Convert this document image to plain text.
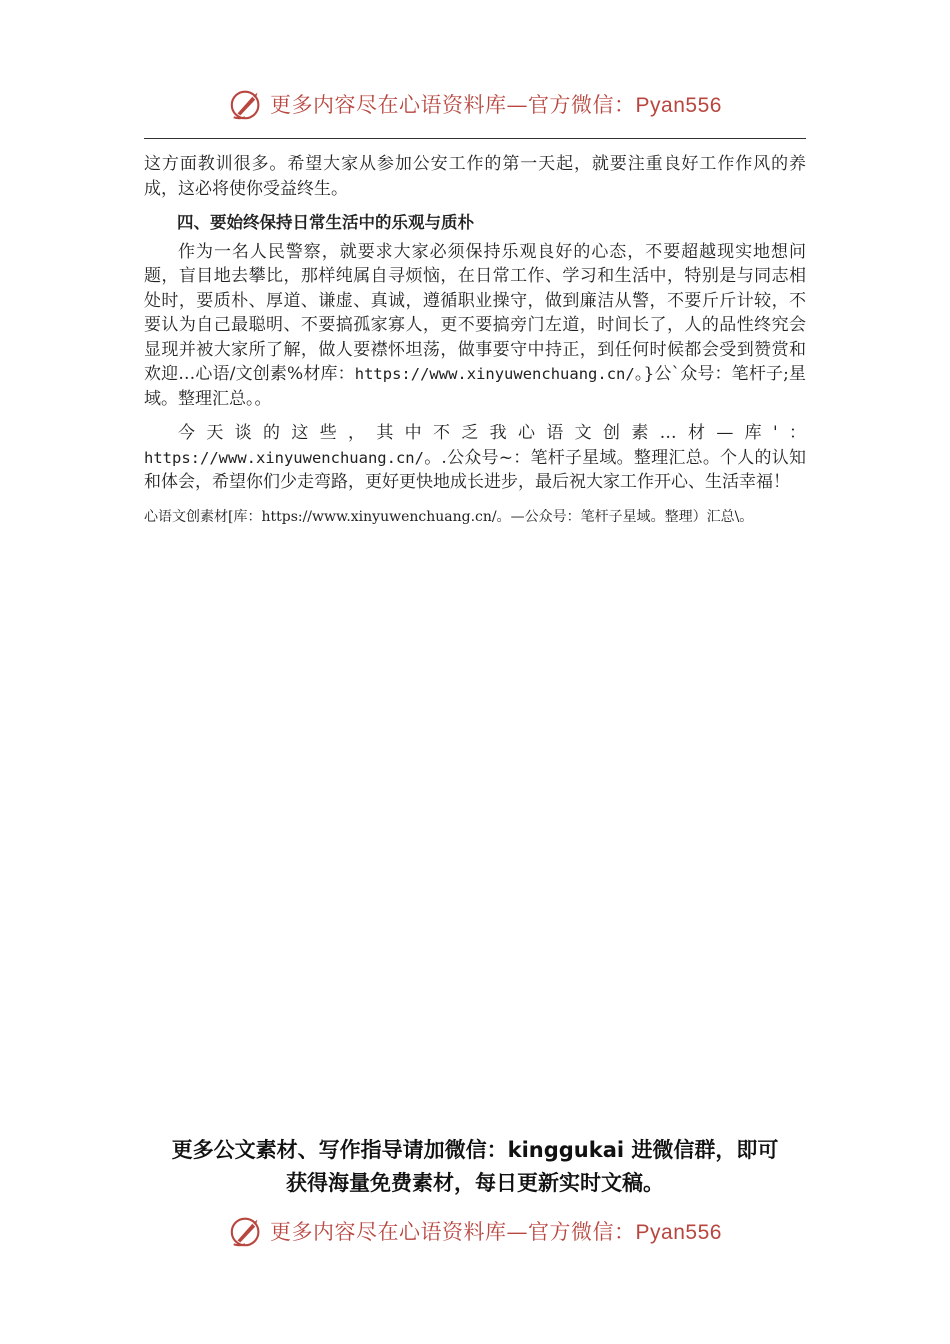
更多内容尽在心语资料库—官方微信：Pyan556

这方面教训很多。希望大家从参加公安工作的第一天起，就要注重良好工作作风的养成，这必将使你受益终生。

四、要始终保持日常生活中的乐观与质朴

作为一名人民警察，就要求大家必须保持乐观良好的心态，不要超越现实地想问题，盲目地去攀比，那样纯属自寻烦恼，在日常工作、学习和生活中，特别是与同志相处时，要质朴、厚道、谦虚、真诚，遵循职业操守，做到廉洁从警，不要斤斤计较，不要认为自己最聪明、不要搞孤家寡人，更不要搞旁门左道，时间长了，人的品性终究会显现并被大家所了解，做人要襟怀坦荡，做事要守中持正，到任何时候都会受到赞赏和欢迎…心语/文创素%材库：https://www.xinyuwenchuang.cn/。}公`众号：笔杆子;星域。整理汇总。。

今天谈的这些，其中不乏我心语文创素…材—库'：https://www.xinyuwenchuang.cn/。.公众号~：笔杆子星域。整理汇总。个人的认知和体会，希望你们少走弯路，更好更快地成长进步，最后祝大家工作开心、生活幸福！

心语文创素材[库：https://www.xinyuwenchuang.cn/。—公众号：笔杆子星域。整理）汇总\。

更多公文素材、写作指导请加微信：kinggukai 进微信群，即可
获得海量免费素材，每日更新实时文稿。
更多内容尽在心语资料库—官方微信：Pyan556
